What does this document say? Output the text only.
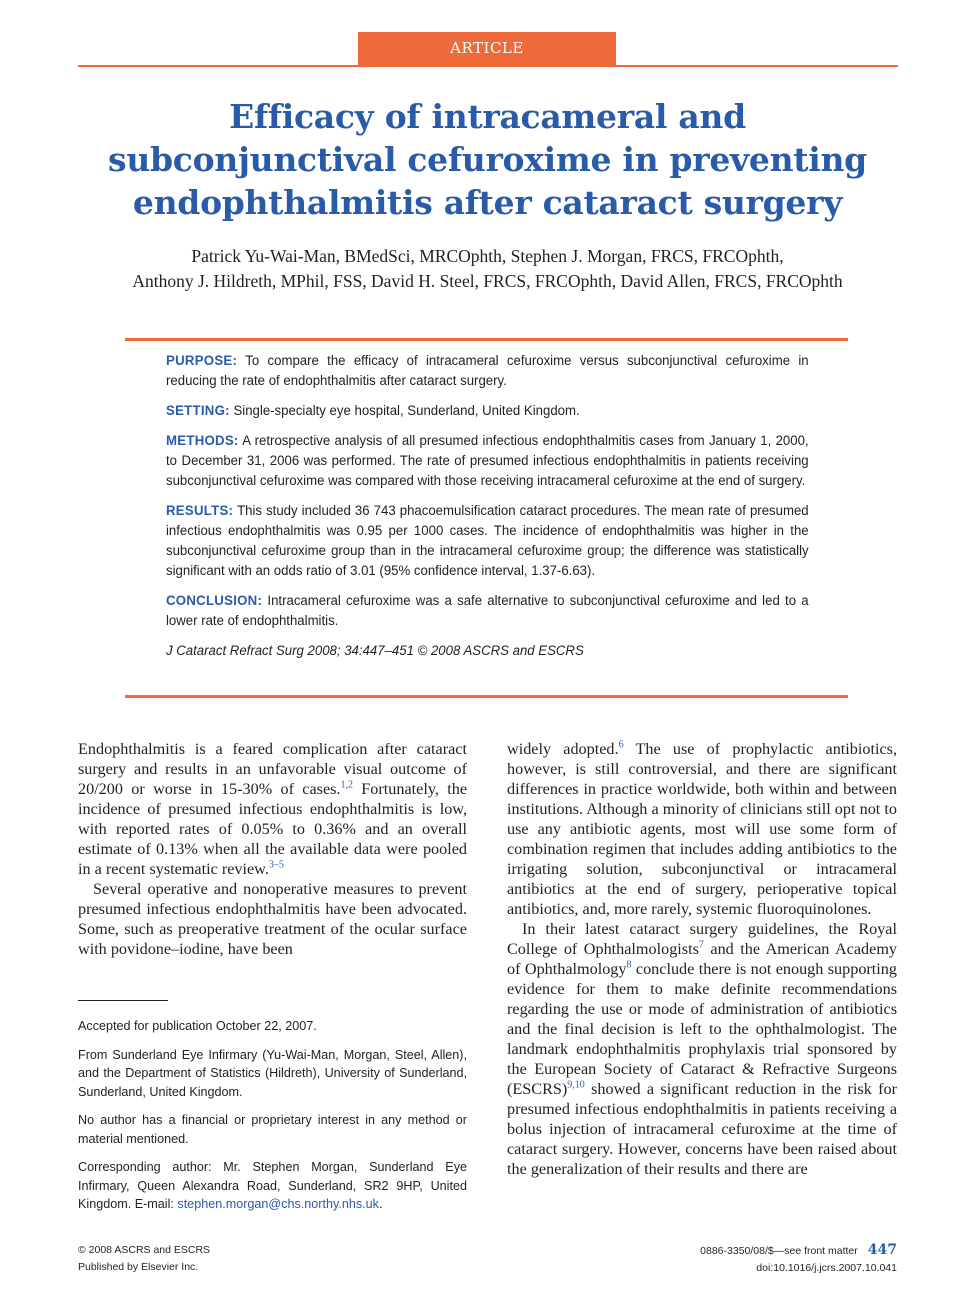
ARTICLE
Efficacy of intracameral and subconjunctival cefuroxime in preventing endophthalmitis after cataract surgery
Patrick Yu-Wai-Man, BMedSci, MRCOphth, Stephen J. Morgan, FRCS, FRCOphth,
Anthony J. Hildreth, MPhil, FSS, David H. Steel, FRCS, FRCOphth, David Allen, FRCS, FRCOphth

PURPOSE: To compare the efficacy of intracameral cefuroxime versus subconjunctival cefuroxime in reducing the rate of endophthalmitis after cataract surgery.

SETTING: Single-specialty eye hospital, Sunderland, United Kingdom.

METHODS: A retrospective analysis of all presumed infectious endophthalmitis cases from January 1, 2000, to December 31, 2006 was performed. The rate of presumed infectious endophthalmitis in patients receiving subconjunctival cefuroxime was compared with those receiving intracameral cefuroxime at the end of surgery.

RESULTS: This study included 36 743 phacoemulsification cataract procedures. The mean rate of presumed infectious endophthalmitis was 0.95 per 1000 cases. The incidence of endophthalmitis was higher in the subconjunctival cefuroxime group than in the intracameral cefuroxime group; the difference was statistically significant with an odds ratio of 3.01 (95% confidence interval, 1.37-6.63).

CONCLUSION: Intracameral cefuroxime was a safe alternative to subconjunctival cefuroxime and led to a lower rate of endophthalmitis.

J Cataract Refract Surg 2008; 34:447–451 © 2008 ASCRS and ESCRS

Endophthalmitis is a feared complication after cataract surgery and results in an unfavorable visual outcome of 20/200 or worse in 15-30% of cases.$^{1,2}$ Fortunately, the incidence of presumed infectious endophthalmitis is low, with reported rates of 0.05% to 0.36% and an overall estimate of 0.13% when all the available data were pooled in a recent systematic review.$^{3-5}$

Several operative and nonoperative measures to prevent presumed infectious endophthalmitis have been advocated. Some, such as preoperative treatment of the ocular surface with povidone–iodine, have been

Accepted for publication October 22, 2007.

From Sunderland Eye Infirmary (Yu-Wai-Man, Morgan, Steel, Allen), and the Department of Statistics (Hildreth), University of Sunderland, Sunderland, United Kingdom.

No author has a financial or proprietary interest in any method or material mentioned.

Corresponding author: Mr. Stephen Morgan, Sunderland Eye Infirmary, Queen Alexandra Road, Sunderland, SR2 9HP, United Kingdom. E-mail: stephen.morgan@chs.northy.nhs.uk.

widely adopted.$^6$ The use of prophylactic antibiotics, however, is still controversial, and there are significant differences in practice worldwide, both within and between institutions. Although a minority of clinicians still opt not to use any antibiotic agents, most will use some form of combination regimen that includes adding antibiotics to the irrigating solution, subconjunctival or intracameral antibiotics at the end of surgery, perioperative topical antibiotics, and, more rarely, systemic fluoroquinolones.

In their latest cataract surgery guidelines, the Royal College of Ophthalmologists$^7$ and the American Academy of Ophthalmology$^8$ conclude there is not enough supporting evidence for them to make definite recommendations regarding the use or mode of administration of antibiotics and the final decision is left to the ophthalmologist. The landmark endophthalmitis prophylaxis trial sponsored by the European Society of Cataract & Refractive Surgeons (ESCRS)$^{9,10}$ showed a significant reduction in the risk for presumed infectious endophthalmitis in patients receiving a bolus injection of intracameral cefuroxime at the time of cataract surgery. However, concerns have been raised about the generalization of their results and there are

© 2008 ASCRS and ESCRS
Published by Elsevier Inc.
0886-3350/08/$—see front matter 447
doi:10.1016/j.jcrs.2007.10.041
